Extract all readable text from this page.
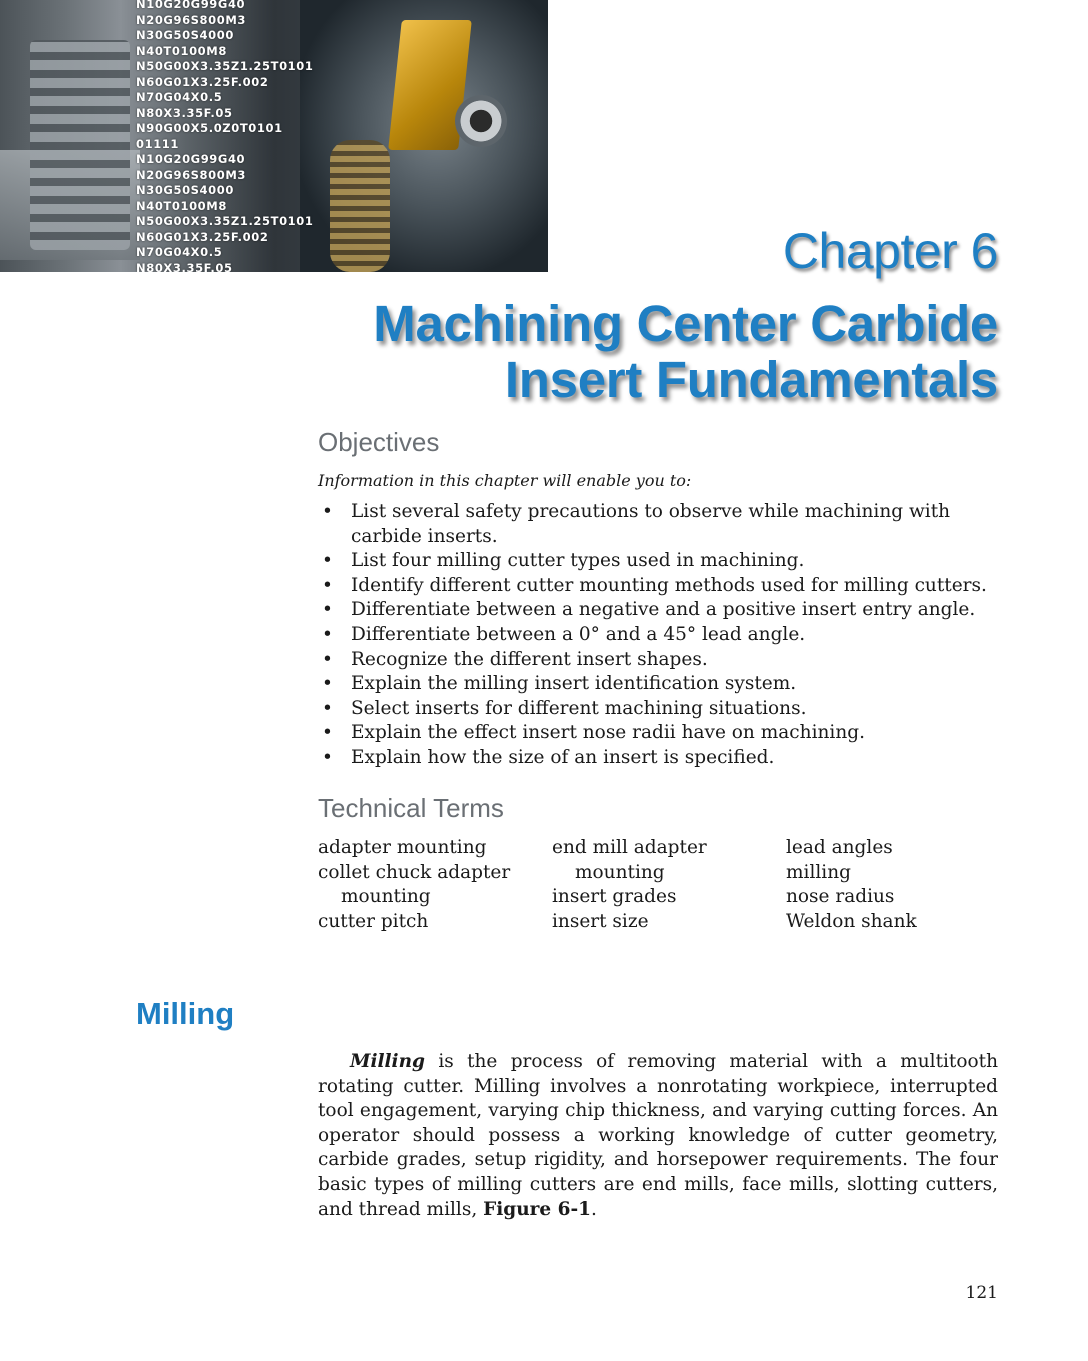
N10G20G99G40
N20G96S800M3
N30G50S4000
N40T0100M8
N50G00X3.35Z1.25T0101
N60G01X3.25F.002
N70G04X0.5
N80X3.35F.05
N90G00X5.0Z0T0101
01111
N10G20G99G40
N20G96S800M3
N30G50S4000
N40T0100M8
N50G00X3.35Z1.25T0101
N60G01X3.25F.002
N70G04X0.5
N80X3.35F.05	Chapter 6
Machining Center Carbide
Insert Fundamentals
Objectives
Information in this chapter will enable you to:
• List several safety precautions to observe while machining with carbide inserts.
• List four milling cutter types used in machining.
• Identify different cutter mounting methods used for milling cutters.
• Differentiate between a negative and a positive insert entry angle.
• Differentiate between a 0° and a 45° lead angle.
• Recognize the different insert shapes.
• Explain the milling insert identification system.
• Select inserts for different machining situations.
• Explain the effect insert nose radii have on machining.
• Explain how the size of an insert is specified.
Technical Terms
adapter mounting
collet chuck adapter
mounting
cutter pitch
end mill adapter
mounting
insert grades
insert size
lead angles
milling
nose radius
Weldon shank
Milling

Milling is the process of removing material with a multitooth rotating cutter. Milling involves a nonrotating workpiece, interrupted tool engagement, varying chip thickness, and varying cutting forces. An operator should possess a working knowledge of cutter geometry, carbide grades, setup rigidity, and horsepower requirements. The four basic types of milling cutters are end mills, face mills, slotting cutters, and thread mills, Figure 6-1.

121
